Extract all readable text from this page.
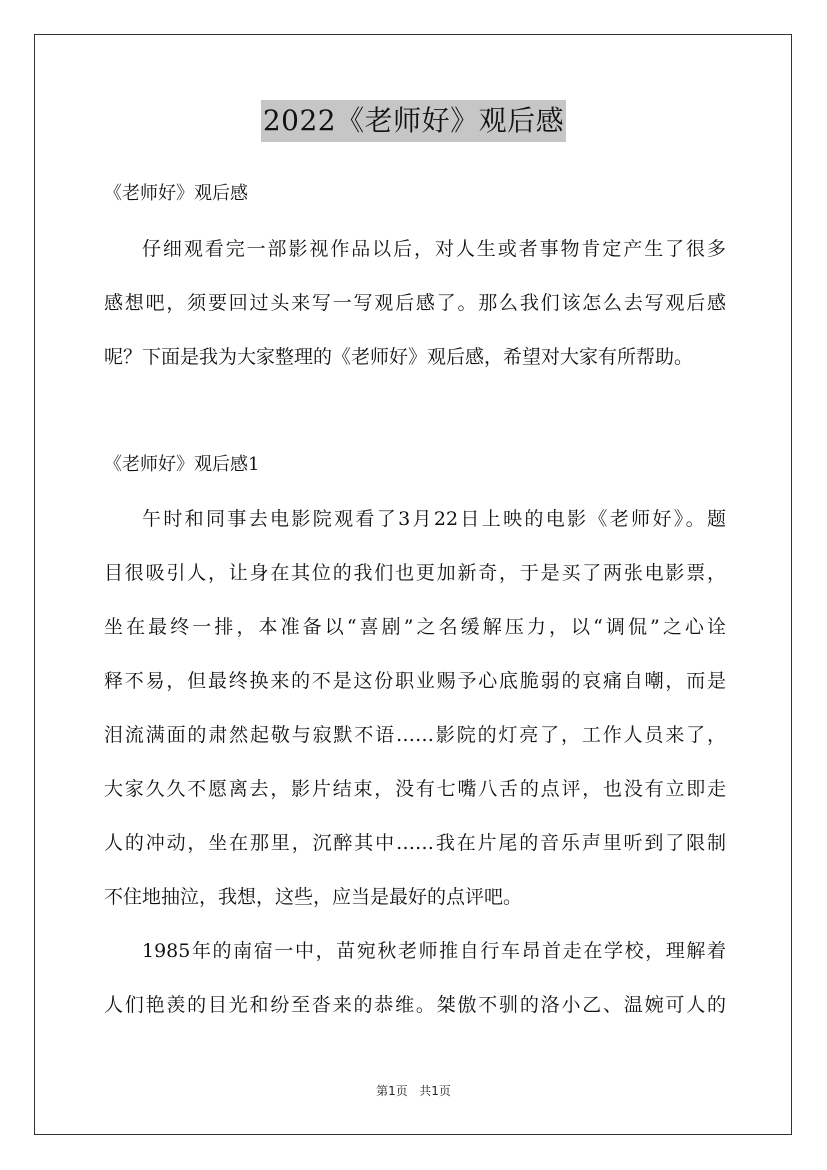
2022《老师好》观后感
《老师好》观后感
仔细观看完一部影视作品以后，对人生或者事物肯定产生了很多
感想吧，须要回过头来写一写观后感了。那么我们该怎么去写观后感
呢？下面是我为大家整理的《老师好》观后感，希望对大家有所帮助。
《老师好》观后感1
午时和同事去电影院观看了3月22日上映的电影《老师好》。题
目很吸引人，让身在其位的我们也更加新奇，于是买了两张电影票，
坐在最终一排，本准备以“喜剧”之名缓解压力，以“调侃”之心诠
释不易，但最终换来的不是这份职业赐予心底脆弱的哀痛自嘲，而是
泪流满面的肃然起敬与寂默不语……影院的灯亮了，工作人员来了，
大家久久不愿离去，影片结束，没有七嘴八舌的点评，也没有立即走
人的冲动，坐在那里，沉醉其中……我在片尾的音乐声里听到了限制
不住地抽泣，我想，这些，应当是最好的点评吧。
1985年的南宿一中，苗宛秋老师推自行车昂首走在学校，理解着
人们艳羡的目光和纷至沓来的恭维。桀傲不驯的洛小乙、温婉可人的
第1页 共1页
